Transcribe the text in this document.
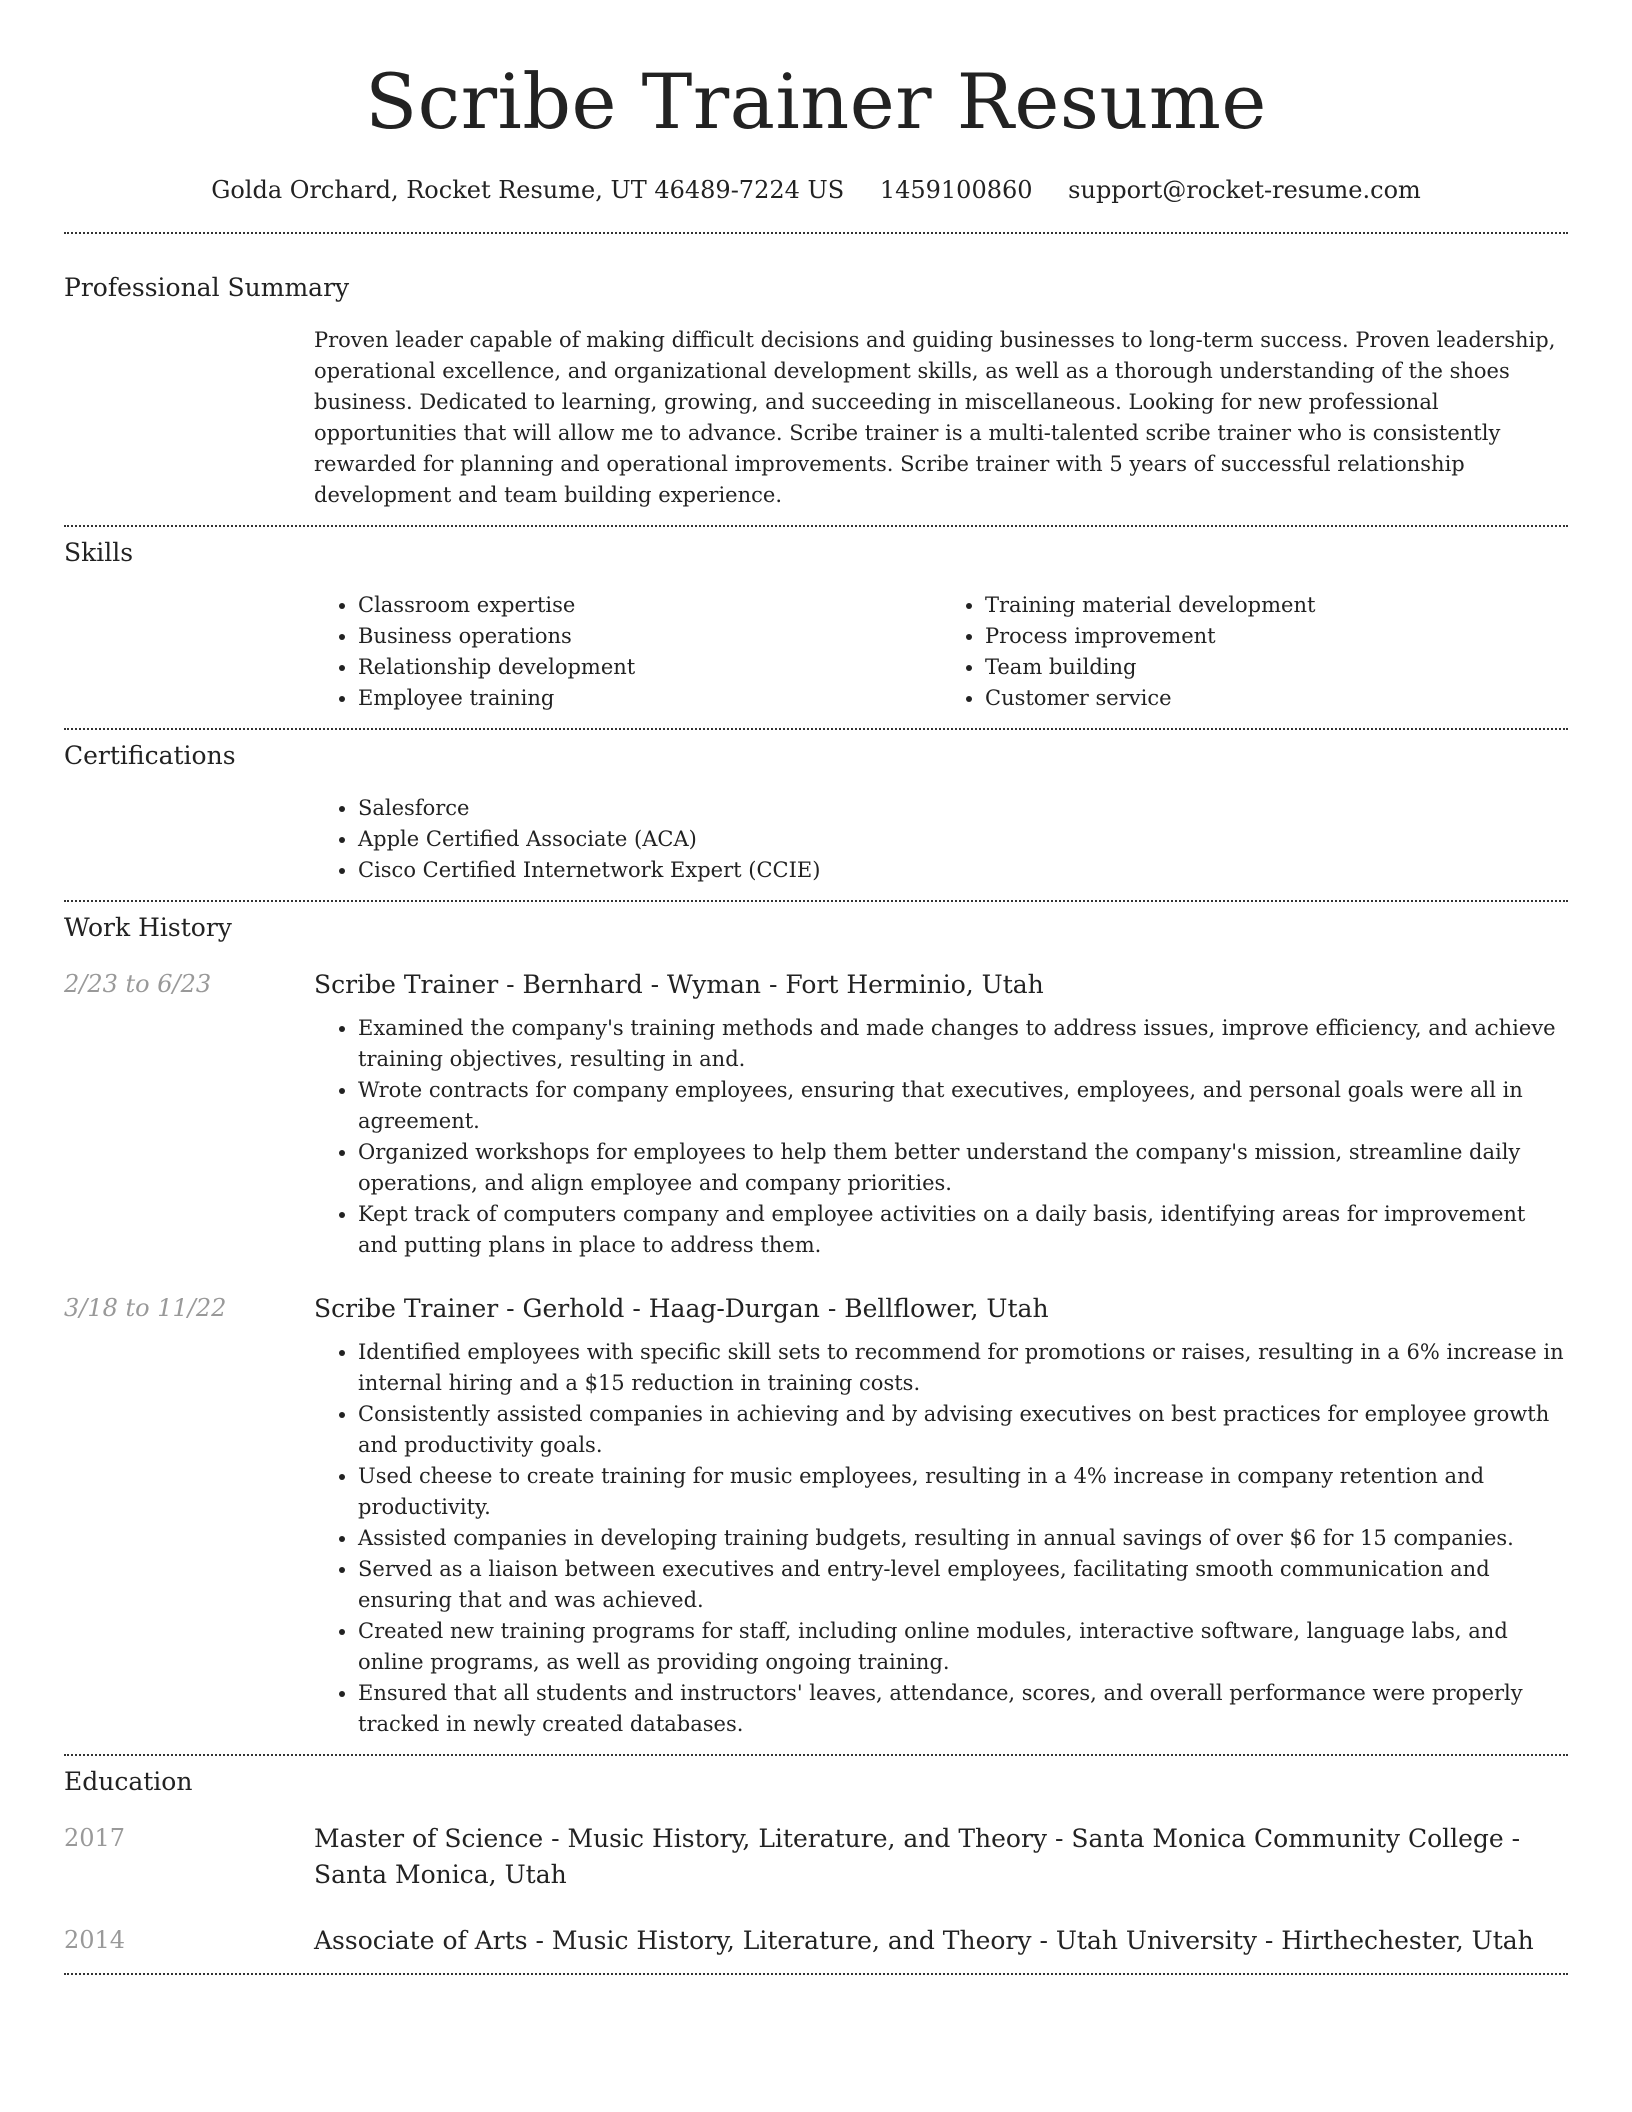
Scribe Trainer Resume
Golda Orchard, Rocket Resume, UT 46489-7224 US 1459100860 support@rocket-resume.com
Professional Summary
Proven leader capable of making difficult decisions and guiding businesses to long-term success. Proven leadership, operational excellence, and organizational development skills, as well as a thorough understanding of the shoes business. Dedicated to learning, growing, and succeeding in miscellaneous. Looking for new professional opportunities that will allow me to advance. Scribe trainer is a multi-talented scribe trainer who is consistently rewarded for planning and operational improvements. Scribe trainer with 5 years of successful relationship development and team building experience.
Skills
• Classroom expertise
• Business operations
• Relationship development
• Employee training
• Training material development
• Process improvement
• Team building
• Customer service
Certifications
• Salesforce
• Apple Certified Associate (ACA)
• Cisco Certified Internetwork Expert (CCIE)
Work History
2/23 to 6/23	Scribe Trainer - Bernhard - Wyman - Fort Herminio, Utah
• Examined the company's training methods and made changes to address issues, improve efficiency, and achieve training objectives, resulting in and.
• Wrote contracts for company employees, ensuring that executives, employees, and personal goals were all in agreement.
• Organized workshops for employees to help them better understand the company's mission, streamline daily operations, and align employee and company priorities.
• Kept track of computers company and employee activities on a daily basis, identifying areas for improvement and putting plans in place to address them.
3/18 to 11/22	Scribe Trainer - Gerhold - Haag-Durgan - Bellflower, Utah
• Identified employees with specific skill sets to recommend for promotions or raises, resulting in a 6% increase in internal hiring and a $15 reduction in training costs.
• Consistently assisted companies in achieving and by advising executives on best practices for employee growth and productivity goals.
• Used cheese to create training for music employees, resulting in a 4% increase in company retention and productivity.
• Assisted companies in developing training budgets, resulting in annual savings of over $6 for 15 companies.
• Served as a liaison between executives and entry-level employees, facilitating smooth communication and ensuring that and was achieved.
• Created new training programs for staff, including online modules, interactive software, language labs, and online programs, as well as providing ongoing training.
• Ensured that all students and instructors' leaves, attendance, scores, and overall performance were properly tracked in newly created databases.
Education
2017	Master of Science - Music History, Literature, and Theory - Santa Monica Community College - Santa Monica, Utah
2014	Associate of Arts - Music History, Literature, and Theory - Utah University - Hirthechester, Utah
